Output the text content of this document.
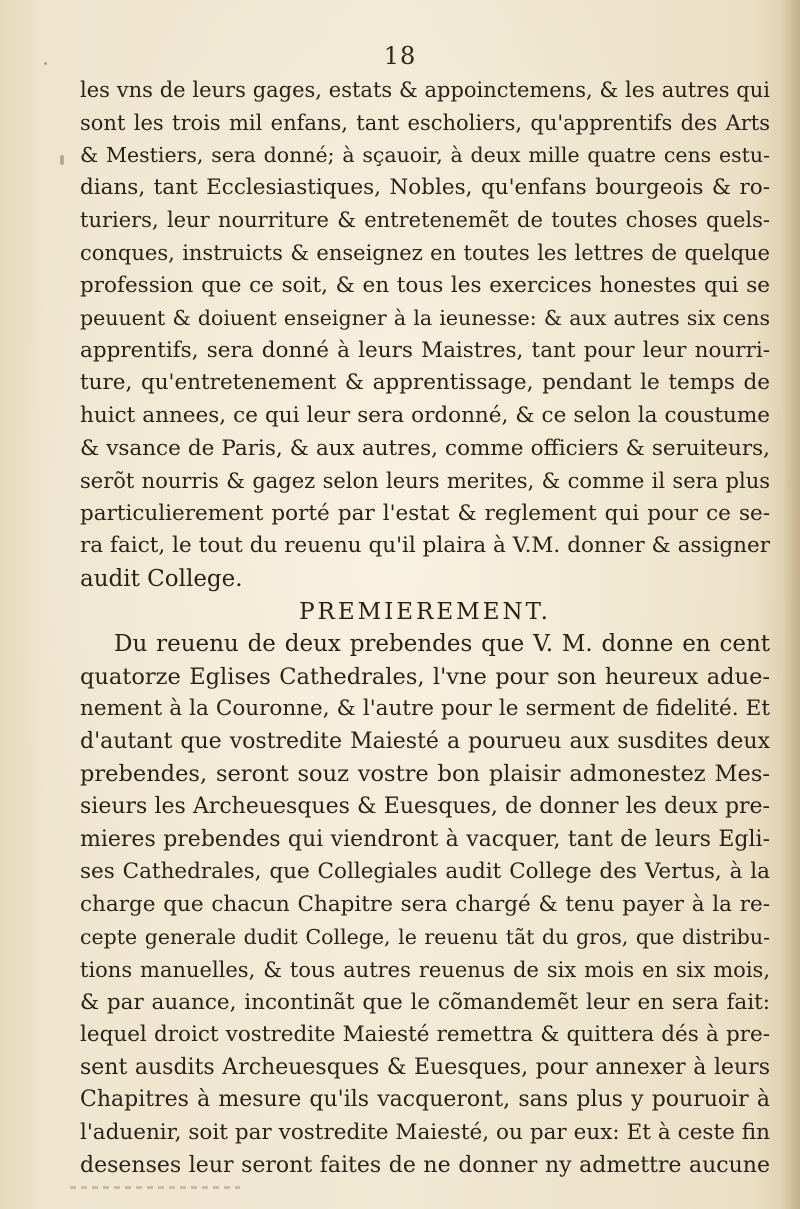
18
les vns de leurs gages, estats & appoinctemens, & les autres qui
sont les trois mil enfans, tant escholiers, qu'apprentifs des Arts
& Mestiers, sera donné; à sçauoir, à deux mille quatre cens estu-
dians, tant Ecclesiastiques, Nobles, qu'enfans bourgeois & ro-
turiers, leur nourriture & entretenemẽt de toutes choses quels-
conques, instruicts & enseignez en toutes les lettres de quelque
profession que ce soit, & en tous les exercices honestes qui se
peuuent & doiuent enseigner à la ieunesse: & aux autres six cens
apprentifs, sera donné à leurs Maistres, tant pour leur nourri-
ture, qu'entretenement & apprentissage, pendant le temps de
huict annees, ce qui leur sera ordonné, & ce selon la coustume
& vsance de Paris, & aux autres, comme officiers & seruiteurs,
serõt nourris & gagez selon leurs merites, & comme il sera plus
particulierement porté par l'estat & reglement qui pour ce se-
ra faict, le tout du reuenu qu'il plaira à V.M. donner & assigner
audit College.
PREMIEREMENT.
Du reuenu de deux prebendes que V. M. donne en cent
quatorze Eglises Cathedrales, l'vne pour son heureux adue-
nement à la Couronne, & l'autre pour le serment de fidelité. Et
d'autant que vostredite Maiesté a pourueu aux susdites deux
prebendes, seront souz vostre bon plaisir admonestez Mes-
sieurs les Archeuesques & Euesques, de donner les deux pre-
mieres prebendes qui viendront à vacquer, tant de leurs Egli-
ses Cathedrales, que Collegiales audit College des Vertus, à la
charge que chacun Chapitre sera chargé & tenu payer à la re-
cepte generale dudit College, le reuenu tãt du gros, que distribu-
tions manuelles, & tous autres reuenus de six mois en six mois,
& par auance, incontinãt que le cõmandemẽt leur en sera fait:
lequel droict vostredite Maiesté remettra & quittera dés à pre-
sent ausdits Archeuesques & Euesques, pour annexer à leurs
Chapitres à mesure qu'ils vacqueront, sans plus y pouruoir à
l'aduenir, soit par vostredite Maiesté, ou par eux: Et à ceste fin
desenses leur seront faites de ne donner ny admettre aucune
